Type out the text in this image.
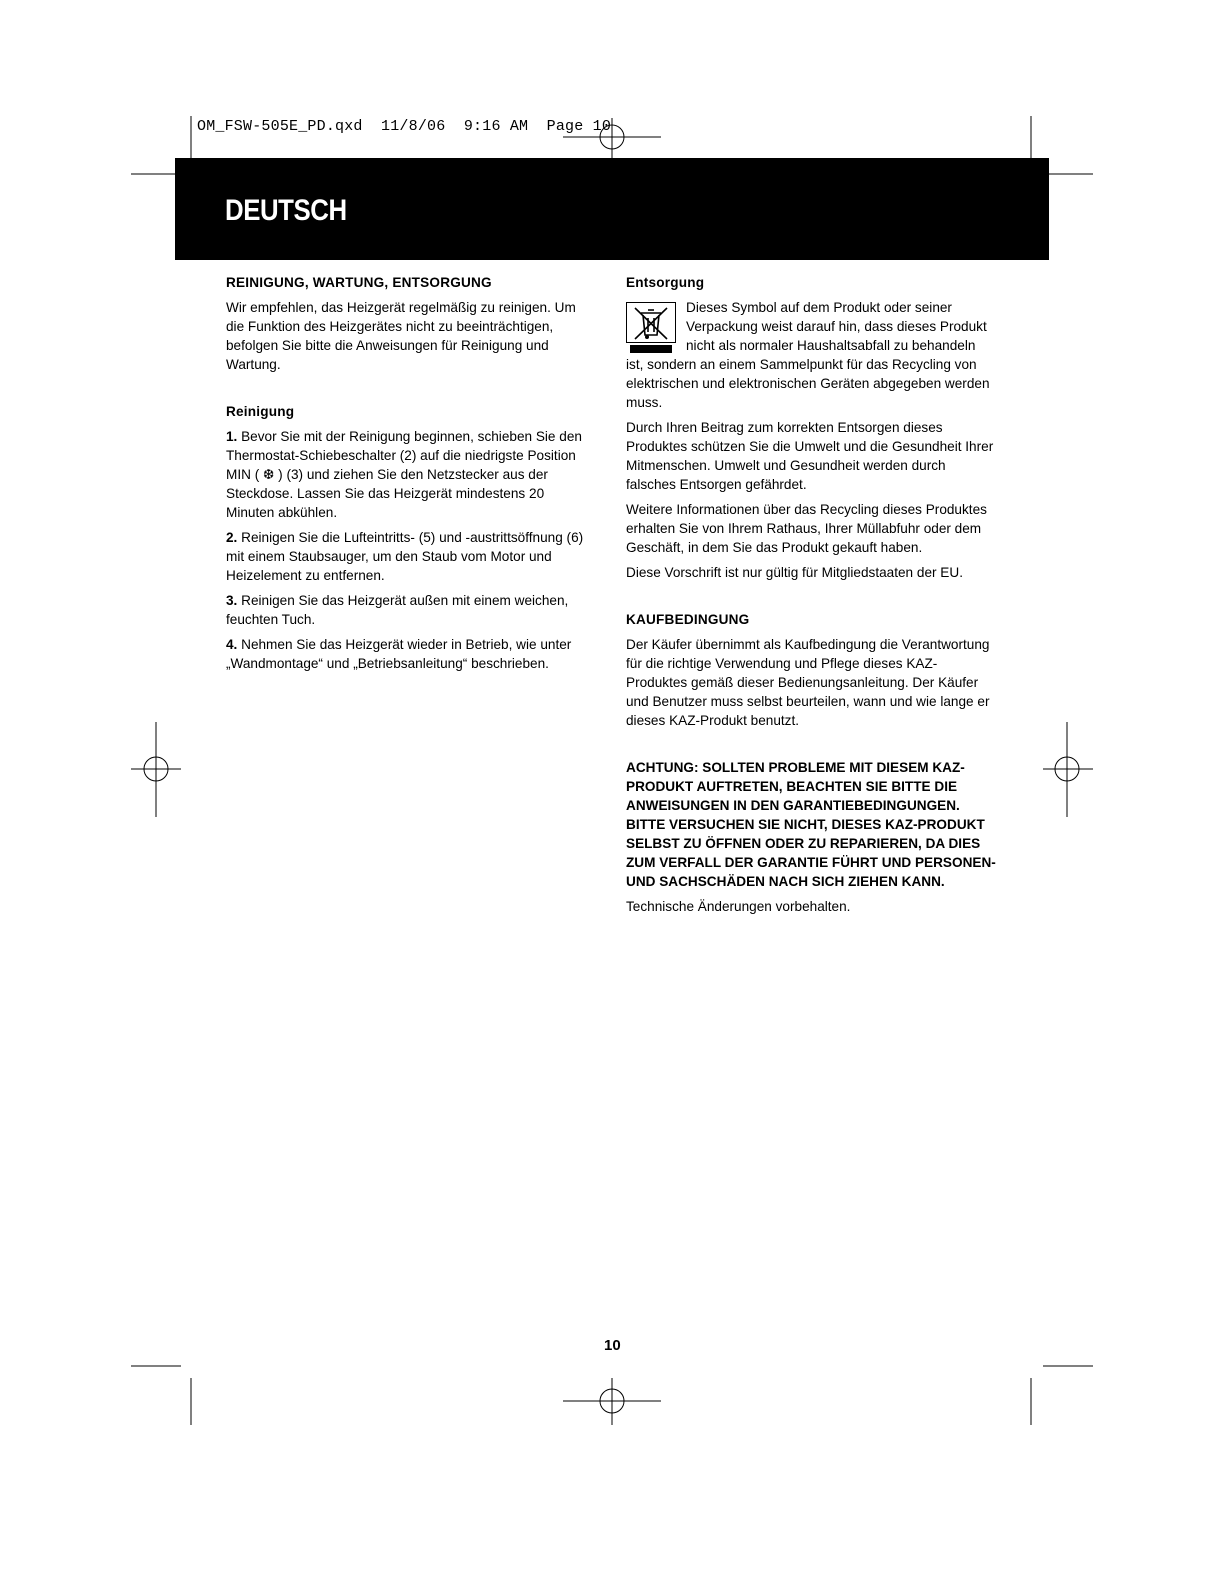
OM_FSW-505E_PD.qxd  11/8/06  9:16 AM  Page 10
DEUTSCH
REINIGUNG, WARTUNG, ENTSORGUNG

Wir empfehlen, das Heizgerät regelmäßig zu reinigen. Um die Funktion des Heizgerätes nicht zu beeinträchtigen, befolgen Sie bitte die Anweisungen für Reinigung und Wartung.

Reinigung

1. Bevor Sie mit der Reinigung beginnen, schieben Sie den Thermostat-Schiebeschalter (2) auf die niedrigste Position MIN ( ❆ ) (3) und ziehen Sie den Netzstecker aus der Steckdose. Lassen Sie das Heizgerät mindestens 20 Minuten abkühlen.

2. Reinigen Sie die Lufteintritts- (5) und -austrittsöffnung (6) mit einem Staubsauger, um den Staub vom Motor und Heizelement zu entfernen.

3. Reinigen Sie das Heizgerät außen mit einem weichen, feuchten Tuch.

4. Nehmen Sie das Heizgerät wieder in Betrieb, wie unter „Wandmontage“ und „Betriebsanleitung“ beschrieben.

Entsorgung

Dieses Symbol auf dem Produkt oder seiner Verpackung weist darauf hin, dass dieses Produkt nicht als normaler Haushaltsabfall zu behandeln ist, sondern an einem Sammelpunkt für das Recycling von elektrischen und elektronischen Geräten abgegeben werden muss.

Durch Ihren Beitrag zum korrekten Entsorgen dieses Produktes schützen Sie die Umwelt und die Gesundheit Ihrer Mitmenschen. Umwelt und Gesundheit werden durch falsches Entsorgen gefährdet.

Weitere Informationen über das Recycling dieses Produktes erhalten Sie von Ihrem Rathaus, Ihrer Müllabfuhr oder dem Geschäft, in dem Sie das Produkt gekauft haben.

Diese Vorschrift ist nur gültig für Mitgliedstaaten der EU.

KAUFBEDINGUNG

Der Käufer übernimmt als Kaufbedingung die Verantwortung für die richtige Verwendung und Pflege dieses KAZ-Produktes gemäß dieser Bedienungsanleitung. Der Käufer und Benutzer muss selbst beurteilen, wann und wie lange er dieses KAZ-Produkt benutzt.

ACHTUNG: SOLLTEN PROBLEME MIT DIESEM KAZ-PRODUKT AUFTRETEN, BEACHTEN SIE BITTE DIE ANWEISUNGEN IN DEN GARANTIEBEDINGUNGEN. BITTE VERSUCHEN SIE NICHT, DIESES KAZ-PRODUKT SELBST ZU ÖFFNEN ODER ZU REPARIEREN, DA DIES ZUM VERFALL DER GARANTIE FÜHRT UND PERSONEN- UND SACHSCHÄDEN NACH SICH ZIEHEN KANN.

Technische Änderungen vorbehalten.

10
